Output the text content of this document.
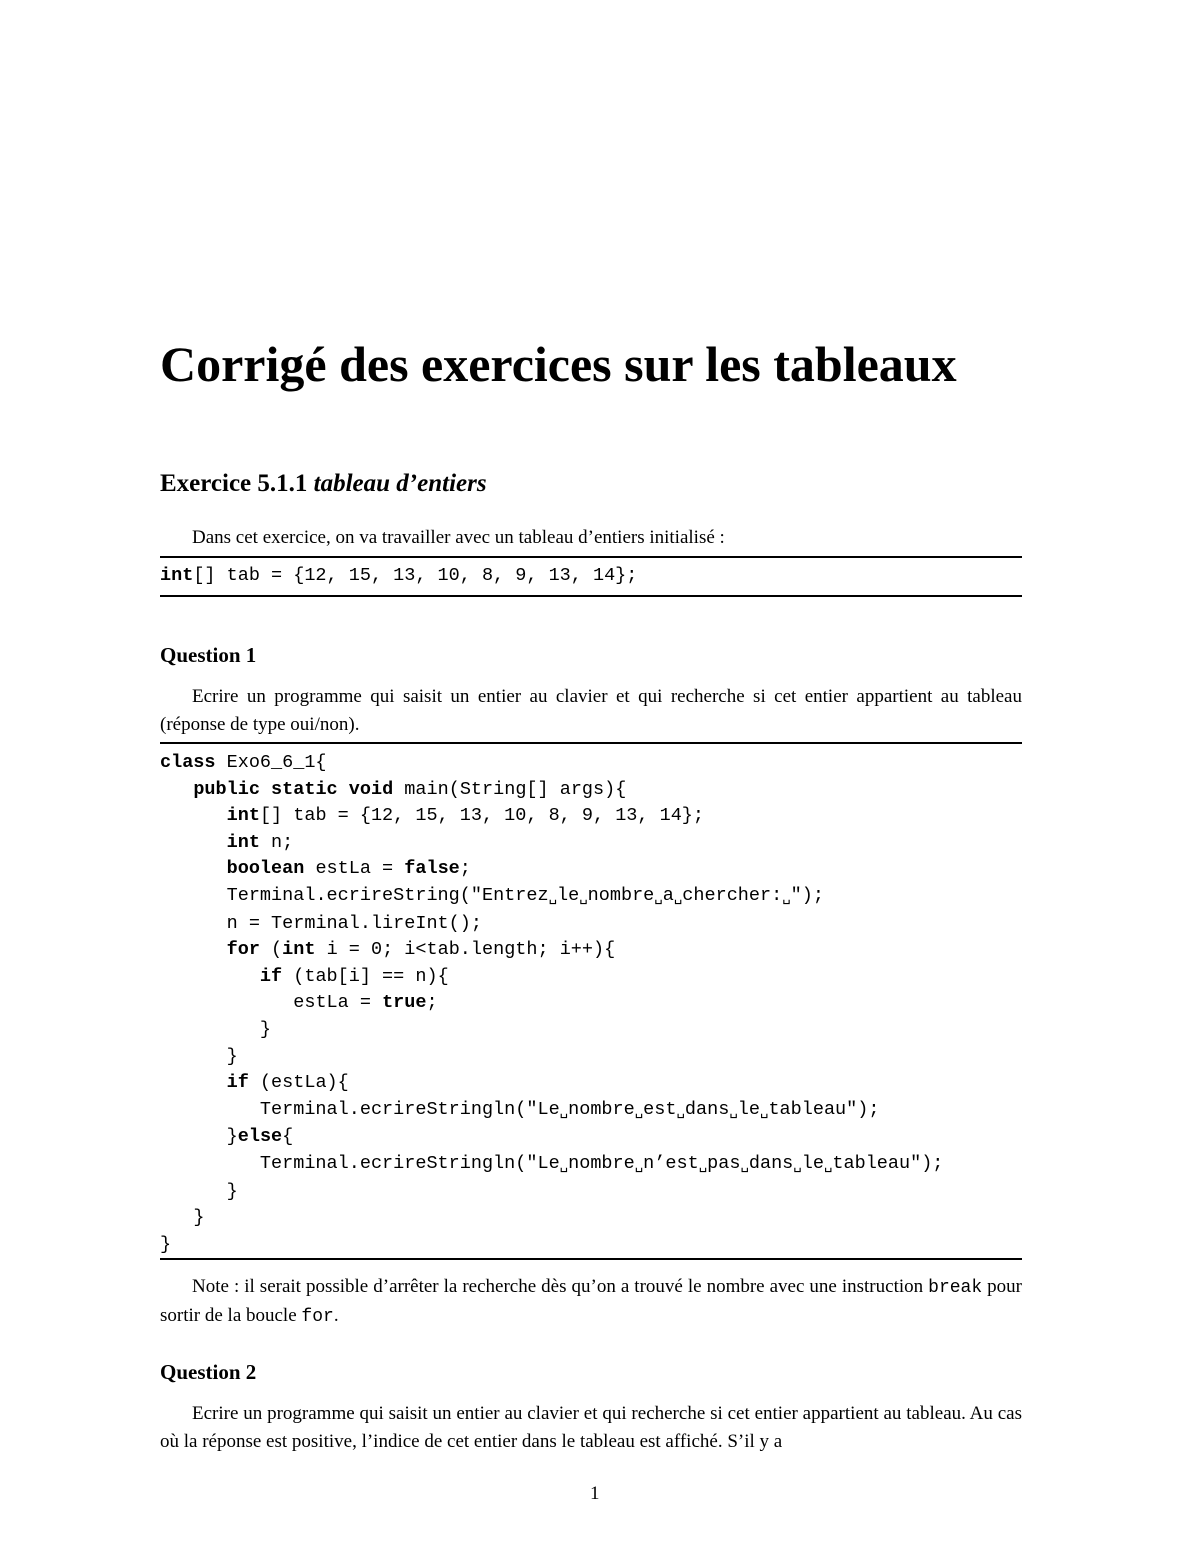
Corrigé des exercices sur les tableaux
Exercice 5.1.1 tableau d’entiers

Dans cet exercice, on va travailler avec un tableau d’entiers initialisé :

int[] tab = {12, 15, 13, 10, 8, 9, 13, 14};
Question 1

Ecrire un programme qui saisit un entier au clavier et qui recherche si cet entier appartient au tableau (réponse de type oui/non).

class Exo6_6_1{
public static void main(String[] args){
int[] tab = {12, 15, 13, 10, 8, 9, 13, 14};
int n;
boolean estLa = false;
Terminal.ecrireString("Entrez␣le␣nombre␣a␣chercher:␣");
n = Terminal.lireInt();
for (int i = 0; i<tab.length; i++){
if (tab[i] == n){
estLa = true;
}
}
if (estLa){
Terminal.ecrireStringln("Le␣nombre␣est␣dans␣le␣tableau");
}else{
Terminal.ecrireStringln("Le␣nombre␣n’est␣pas␣dans␣le␣tableau");
}
}
}

Note : il serait possible d’arrêter la recherche dès qu’on a trouvé le nombre avec une instruction break pour sortir de la boucle for.

Question 2

Ecrire un programme qui saisit un entier au clavier et qui recherche si cet entier appartient au tableau. Au cas où la réponse est positive, l’indice de cet entier dans le tableau est affiché. S’il y a

1
